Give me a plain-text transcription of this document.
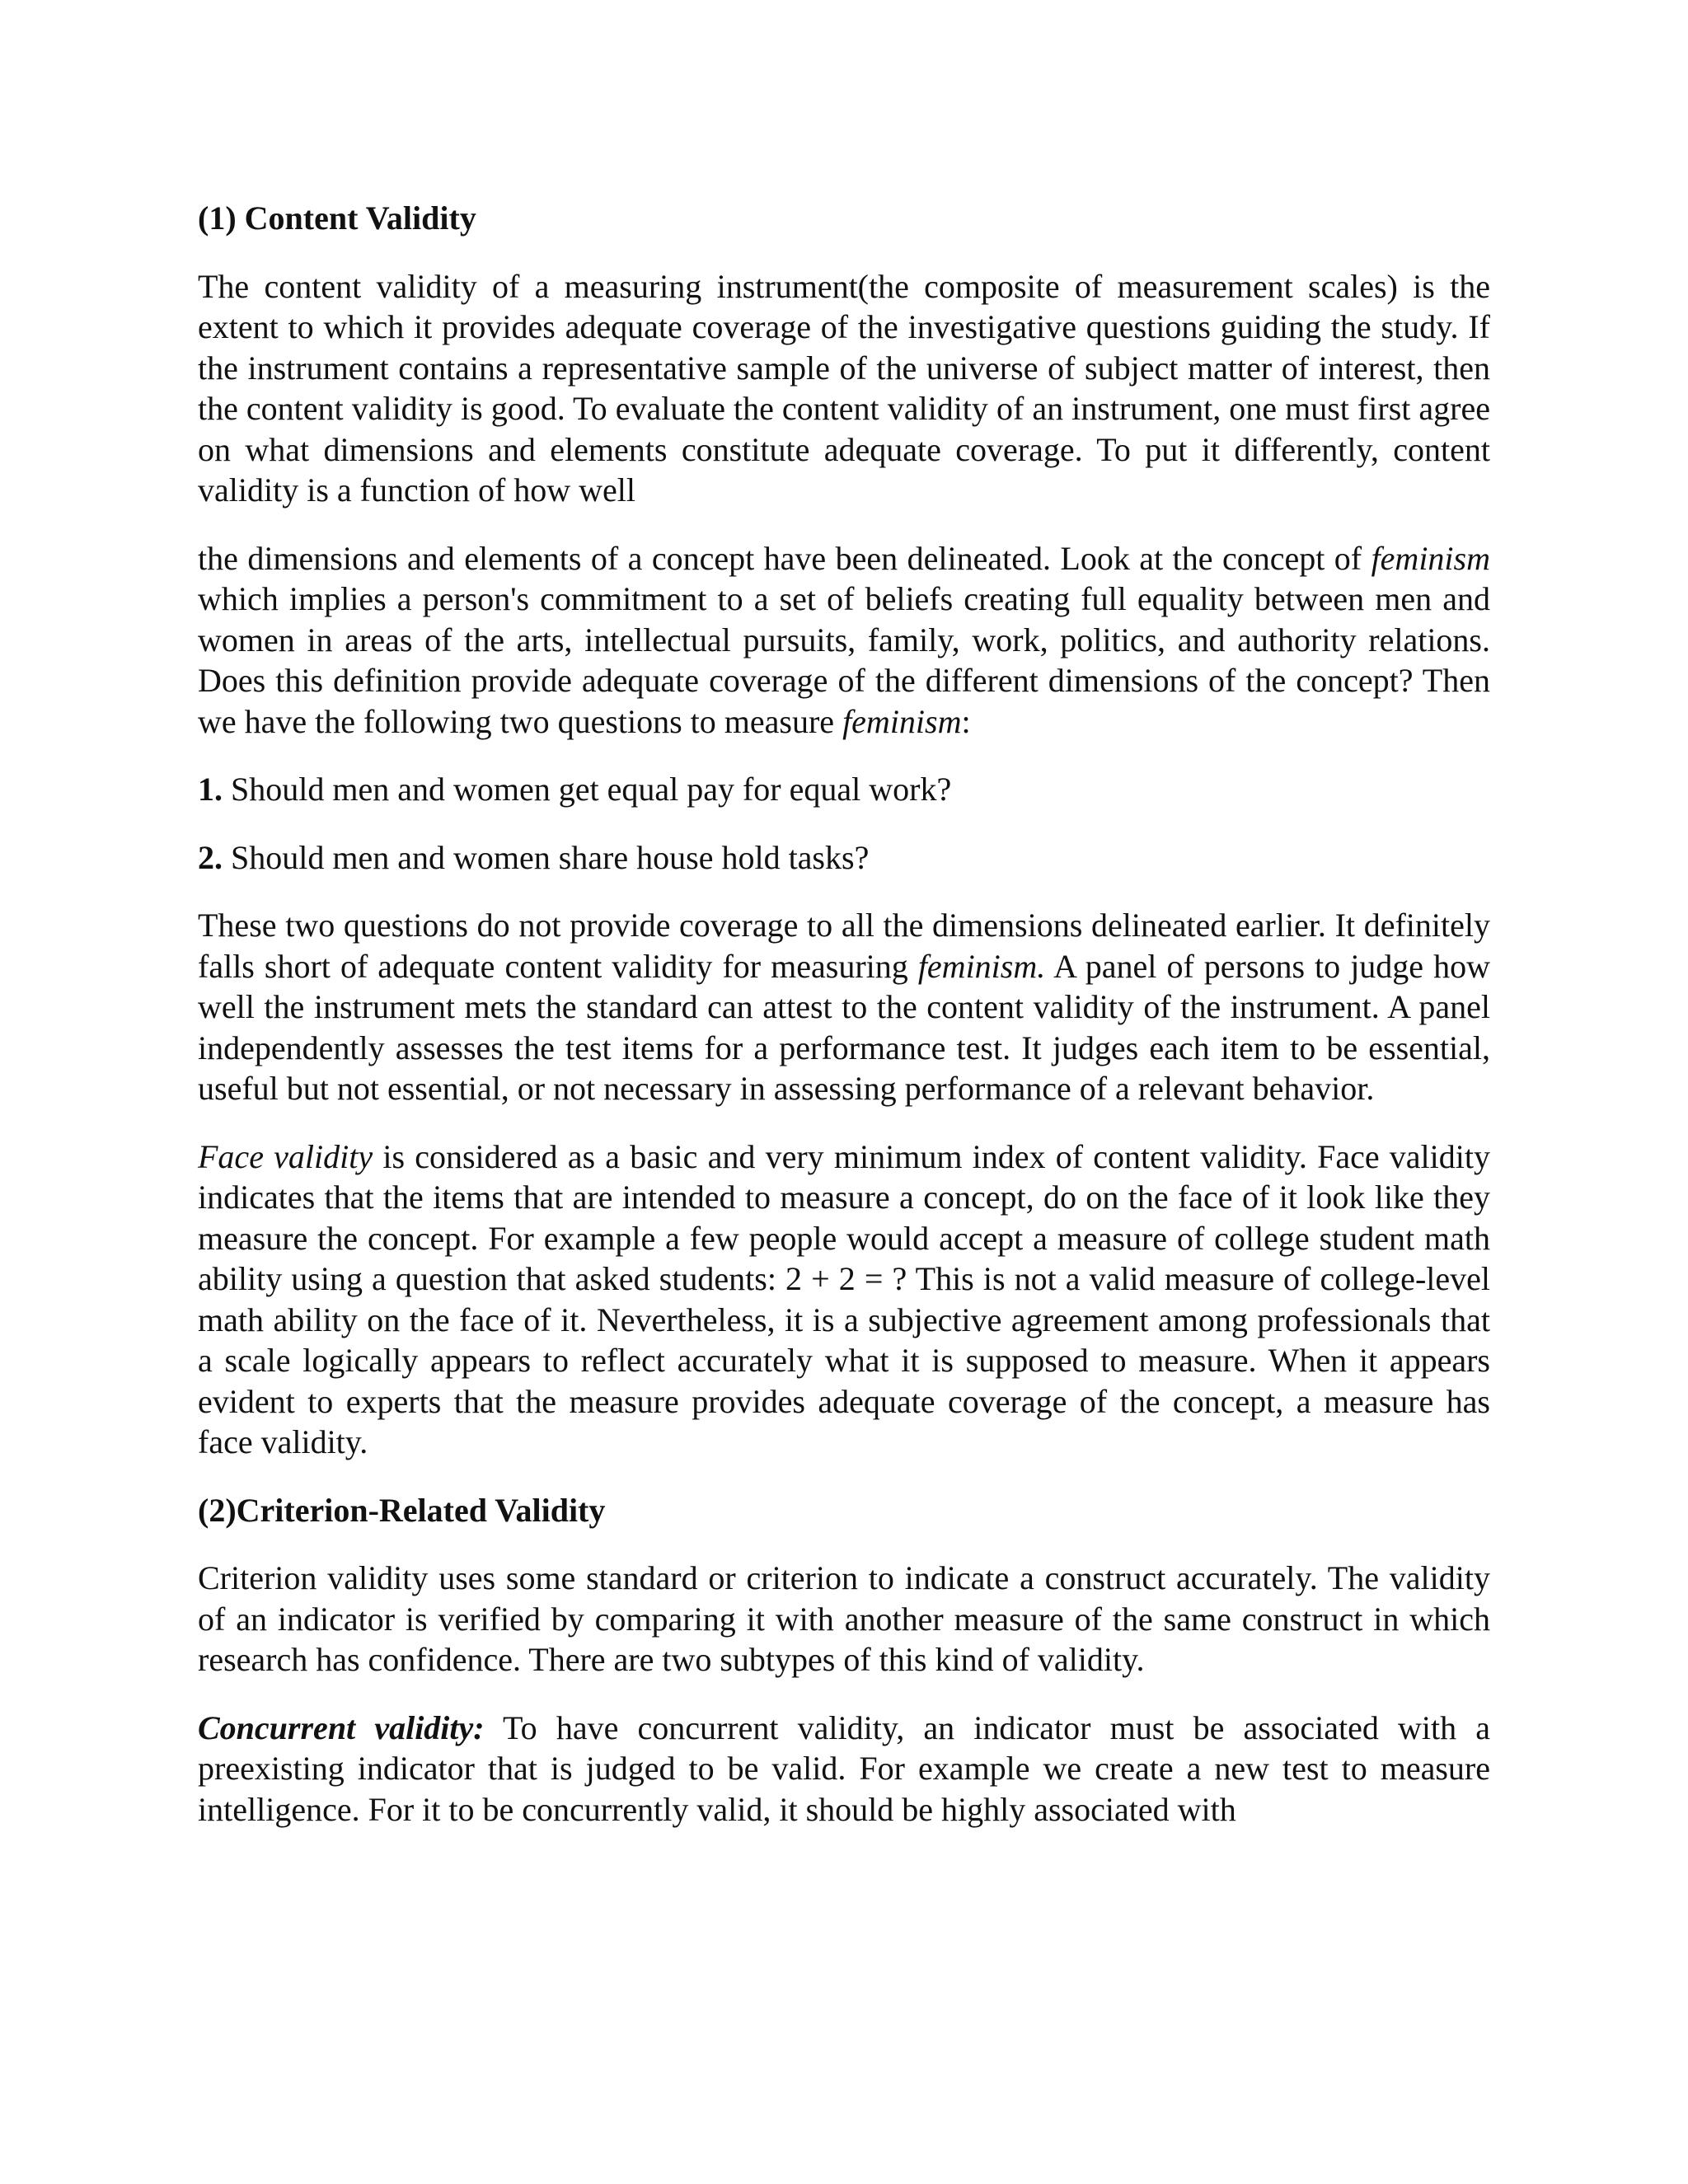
(1) Content Validity

The content validity of a measuring instrument(the composite of measurement scales) is the extent to which it provides adequate coverage of the investigative questions guiding the study. If the instrument contains a representative sample of the universe of subject matter of interest, then the content validity is good. To evaluate the content validity of an instrument, one must first agree on what dimensions and elements constitute adequate coverage. To put it differently, content validity is a function of how well

the dimensions and elements of a concept have been delineated. Look at the concept of feminism which implies a person's commitment to a set of beliefs creating full equality between men and women in areas of the arts, intellectual pursuits, family, work, politics, and authority relations. Does this definition provide adequate coverage of the different dimensions of the concept? Then we have the following two questions to measure feminism:

1. Should men and women get equal pay for equal work?
2. Should men and women share house hold tasks?

These two questions do not provide coverage to all the dimensions delineated earlier. It definitely falls short of adequate content validity for measuring feminism. A panel of persons to judge how well the instrument mets the standard can attest to the content validity of the instrument. A panel independently assesses the test items for a performance test. It judges each item to be essential, useful but not essential, or not necessary in assessing performance of a relevant behavior.

Face validity is considered as a basic and very minimum index of content validity. Face validity indicates that the items that are intended to measure a concept, do on the face of it look like they measure the concept. For example a few people would accept a measure of college student math ability using a question that asked students: 2 + 2 = ? This is not a valid measure of college-level math ability on the face of it. Nevertheless, it is a subjective agreement among professionals that a scale logically appears to reflect accurately what it is supposed to measure. When it appears evident to experts that the measure provides adequate coverage of the concept, a measure has face validity.

(2)Criterion-Related Validity

Criterion validity uses some standard or criterion to indicate a construct accurately. The validity of an indicator is verified by comparing it with another measure of the same construct in which research has confidence. There are two subtypes of this kind of validity.

Concurrent validity: To have concurrent validity, an indicator must be associated with a preexisting indicator that is judged to be valid. For example we create a new test to measure intelligence. For it to be concurrently valid, it should be highly associated with
